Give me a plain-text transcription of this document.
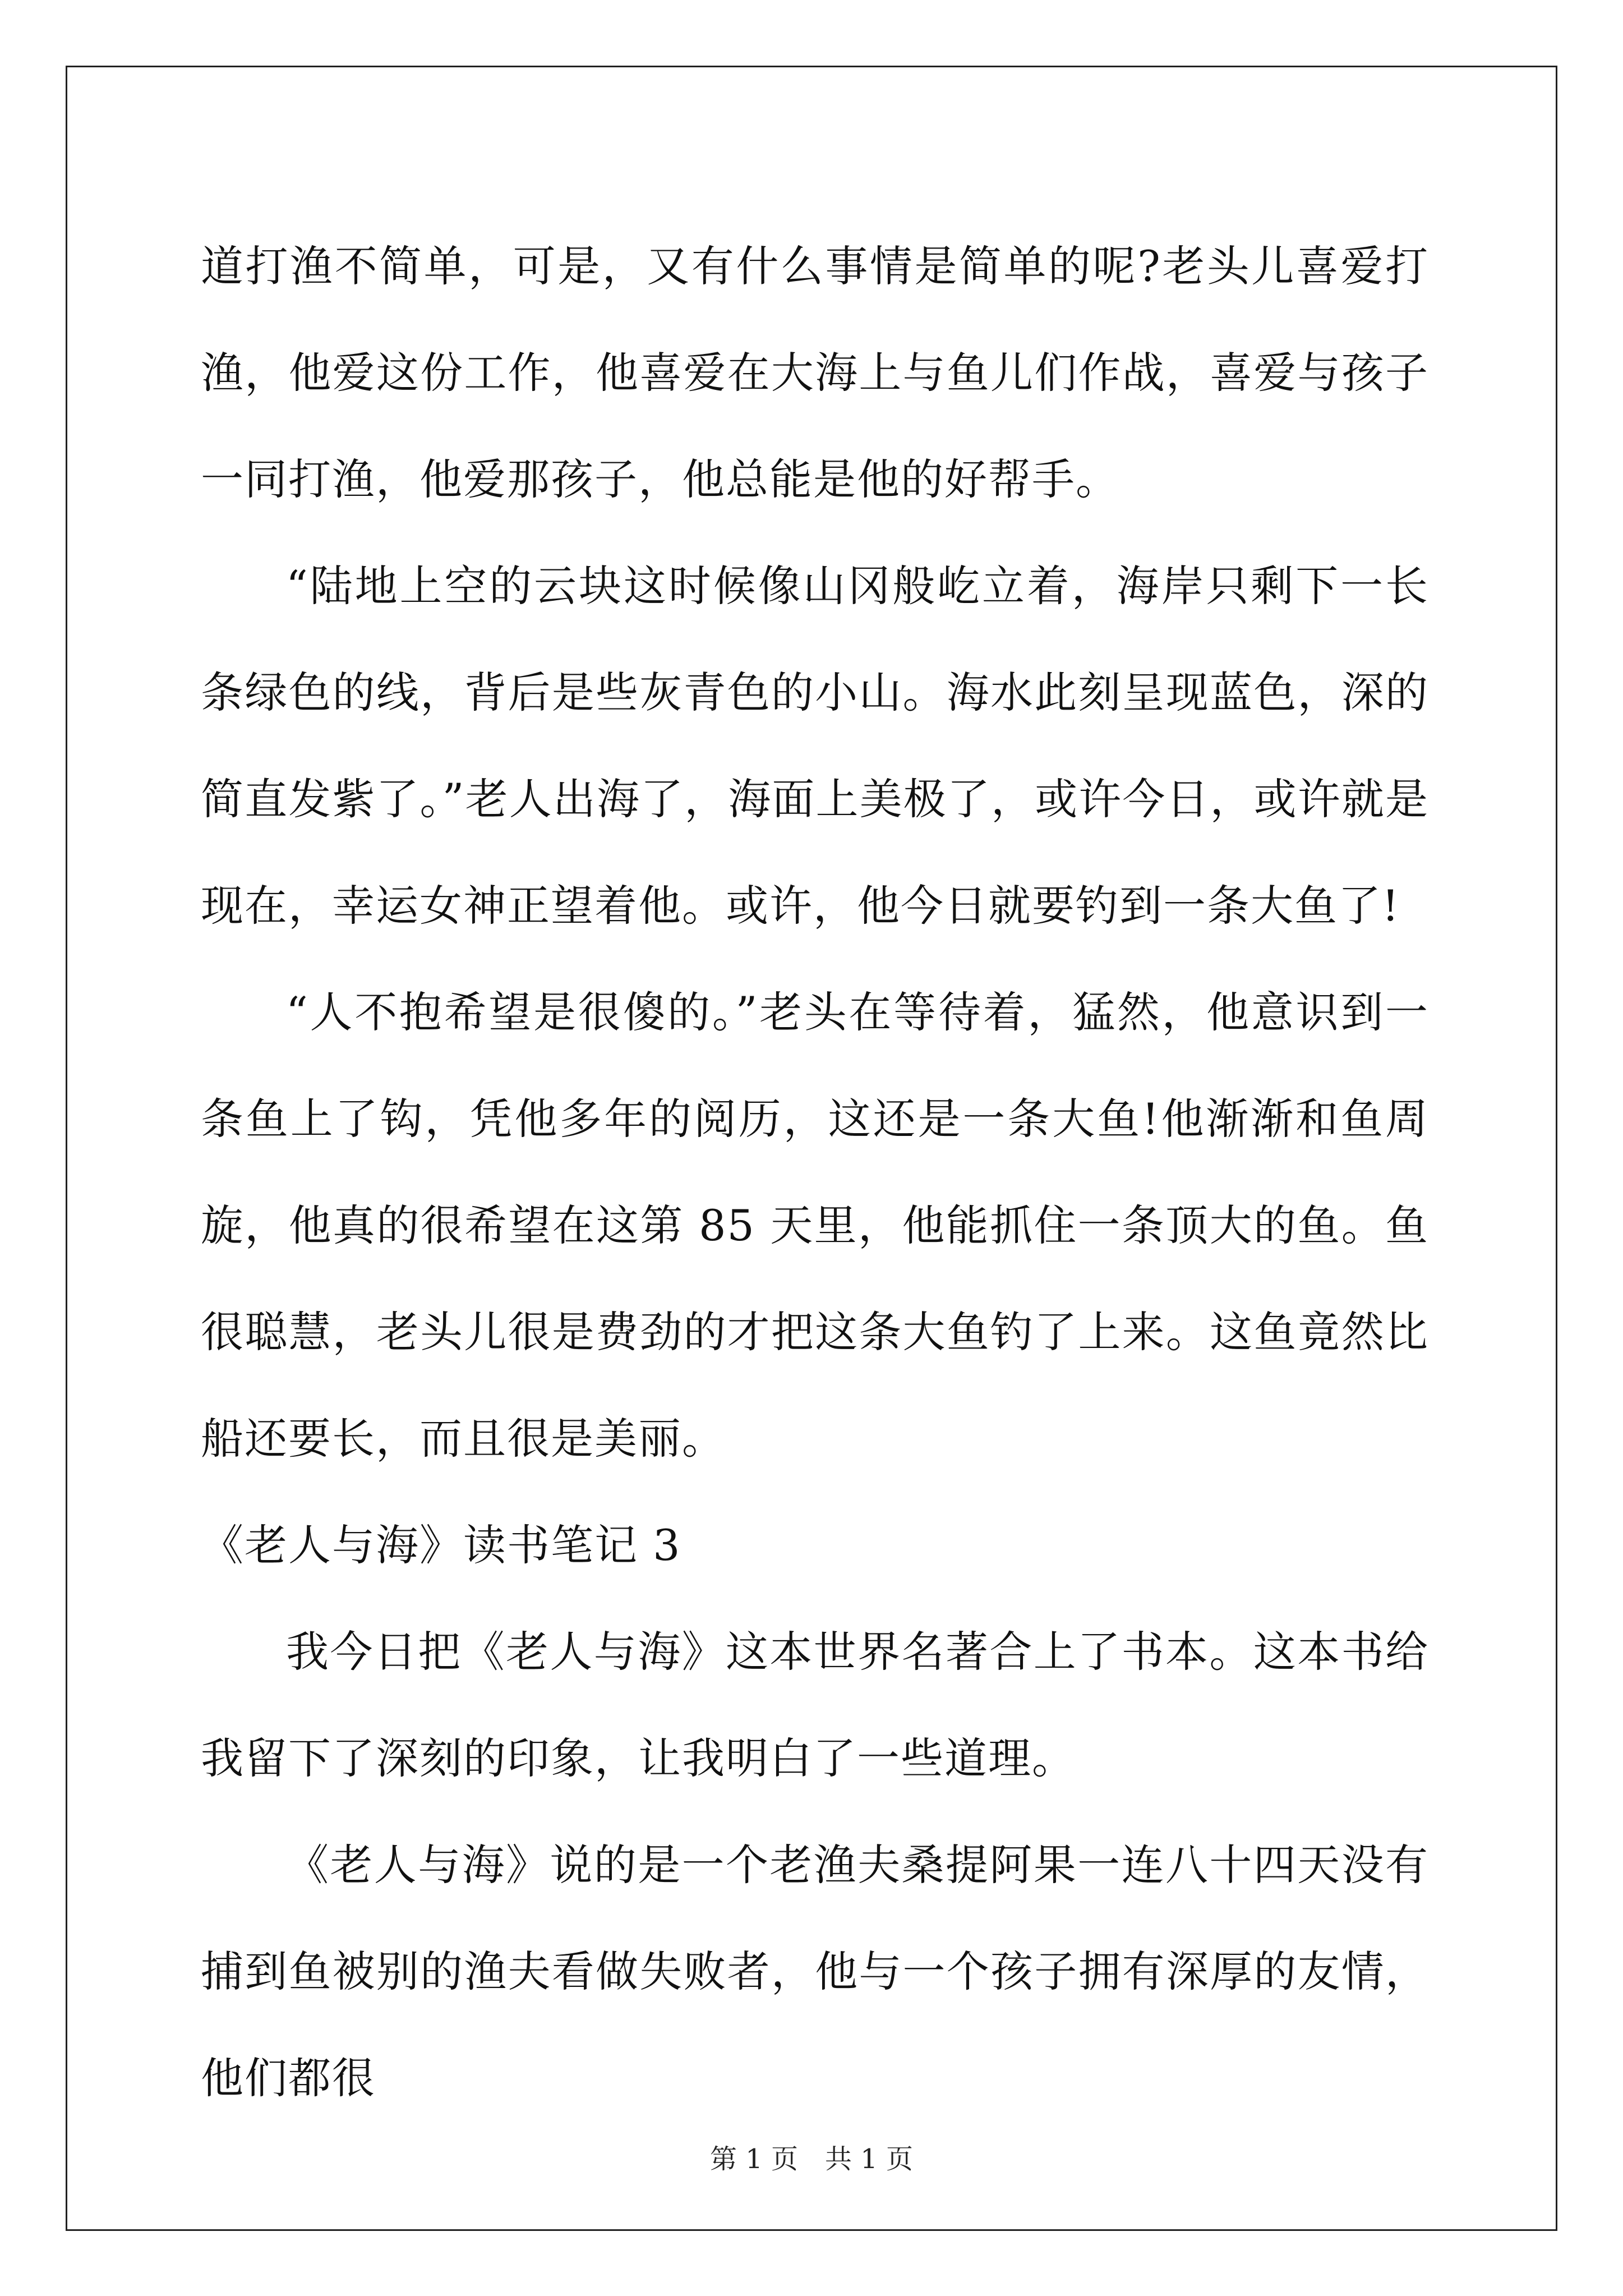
道打渔不简单，可是，又有什么事情是简单的呢?老头儿喜爱打渔，他爱这份工作，他喜爱在大海上与鱼儿们作战，喜爱与孩子一同打渔，他爱那孩子，他总能是他的好帮手。

“陆地上空的云块这时候像山冈般屹立着，海岸只剩下一长条绿色的线，背后是些灰青色的小山。海水此刻呈现蓝色，深的简直发紫了。”老人出海了，海面上美极了，或许今日，或许就是现在，幸运女神正望着他。或许，他今日就要钓到一条大鱼了!

“人不抱希望是很傻的。”老头在等待着，猛然，他意识到一条鱼上了钩，凭他多年的阅历，这还是一条大鱼!他渐渐和鱼周旋，他真的很希望在这第 85 天里，他能抓住一条顶大的鱼。鱼很聪慧，老头儿很是费劲的才把这条大鱼钓了上来。这鱼竟然比船还要长，而且很是美丽。

《老人与海》读书笔记 3

我今日把《老人与海》这本世界名著合上了书本。这本书给我留下了深刻的印象，让我明白了一些道理。

《老人与海》说的是一个老渔夫桑提阿果一连八十四天没有捕到鱼被别的渔夫看做失败者，他与一个孩子拥有深厚的友情，他们都很

第 1 页　共 1 页
